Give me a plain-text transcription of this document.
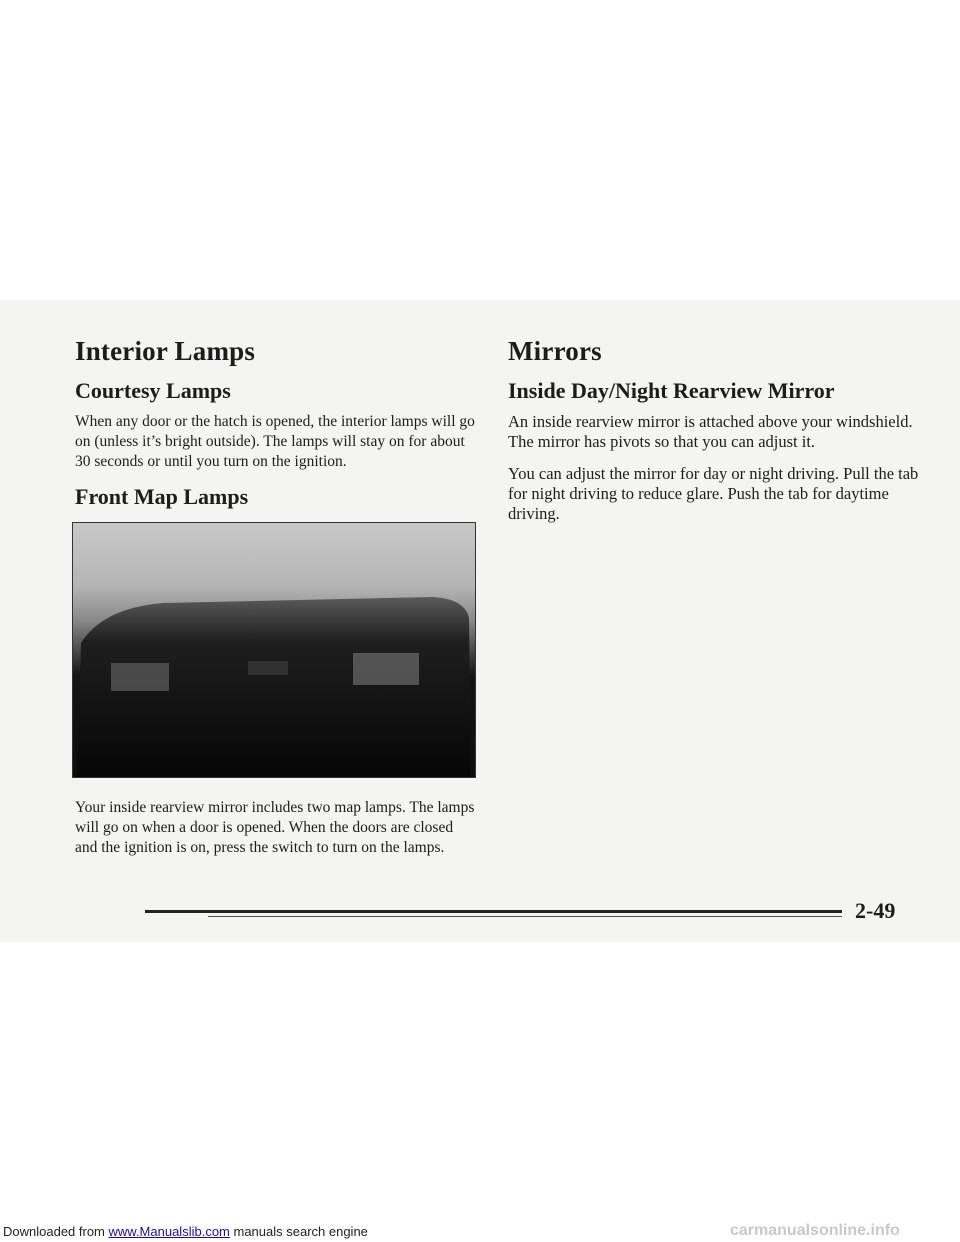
Interior Lamps
Courtesy Lamps

When any door or the hatch is opened, the interior lamps will go on (unless it’s bright outside). The lamps will stay on for about 30 seconds or until you turn on the ignition.

Front Map Lamps

Your inside rearview mirror includes two map lamps. The lamps will go on when a door is opened. When the doors are closed and the ignition is on, press the switch to turn on the lamps.

Mirrors
Inside Day/Night Rearview Mirror

An inside rearview mirror is attached above your windshield. The mirror has pivots so that you can adjust it.

You can adjust the mirror for day or night driving. Pull the tab for night driving to reduce glare. Push the tab for daytime driving.

2-49
Downloaded from www.Manualslib.com manuals search engine	carmanualsonline.info
